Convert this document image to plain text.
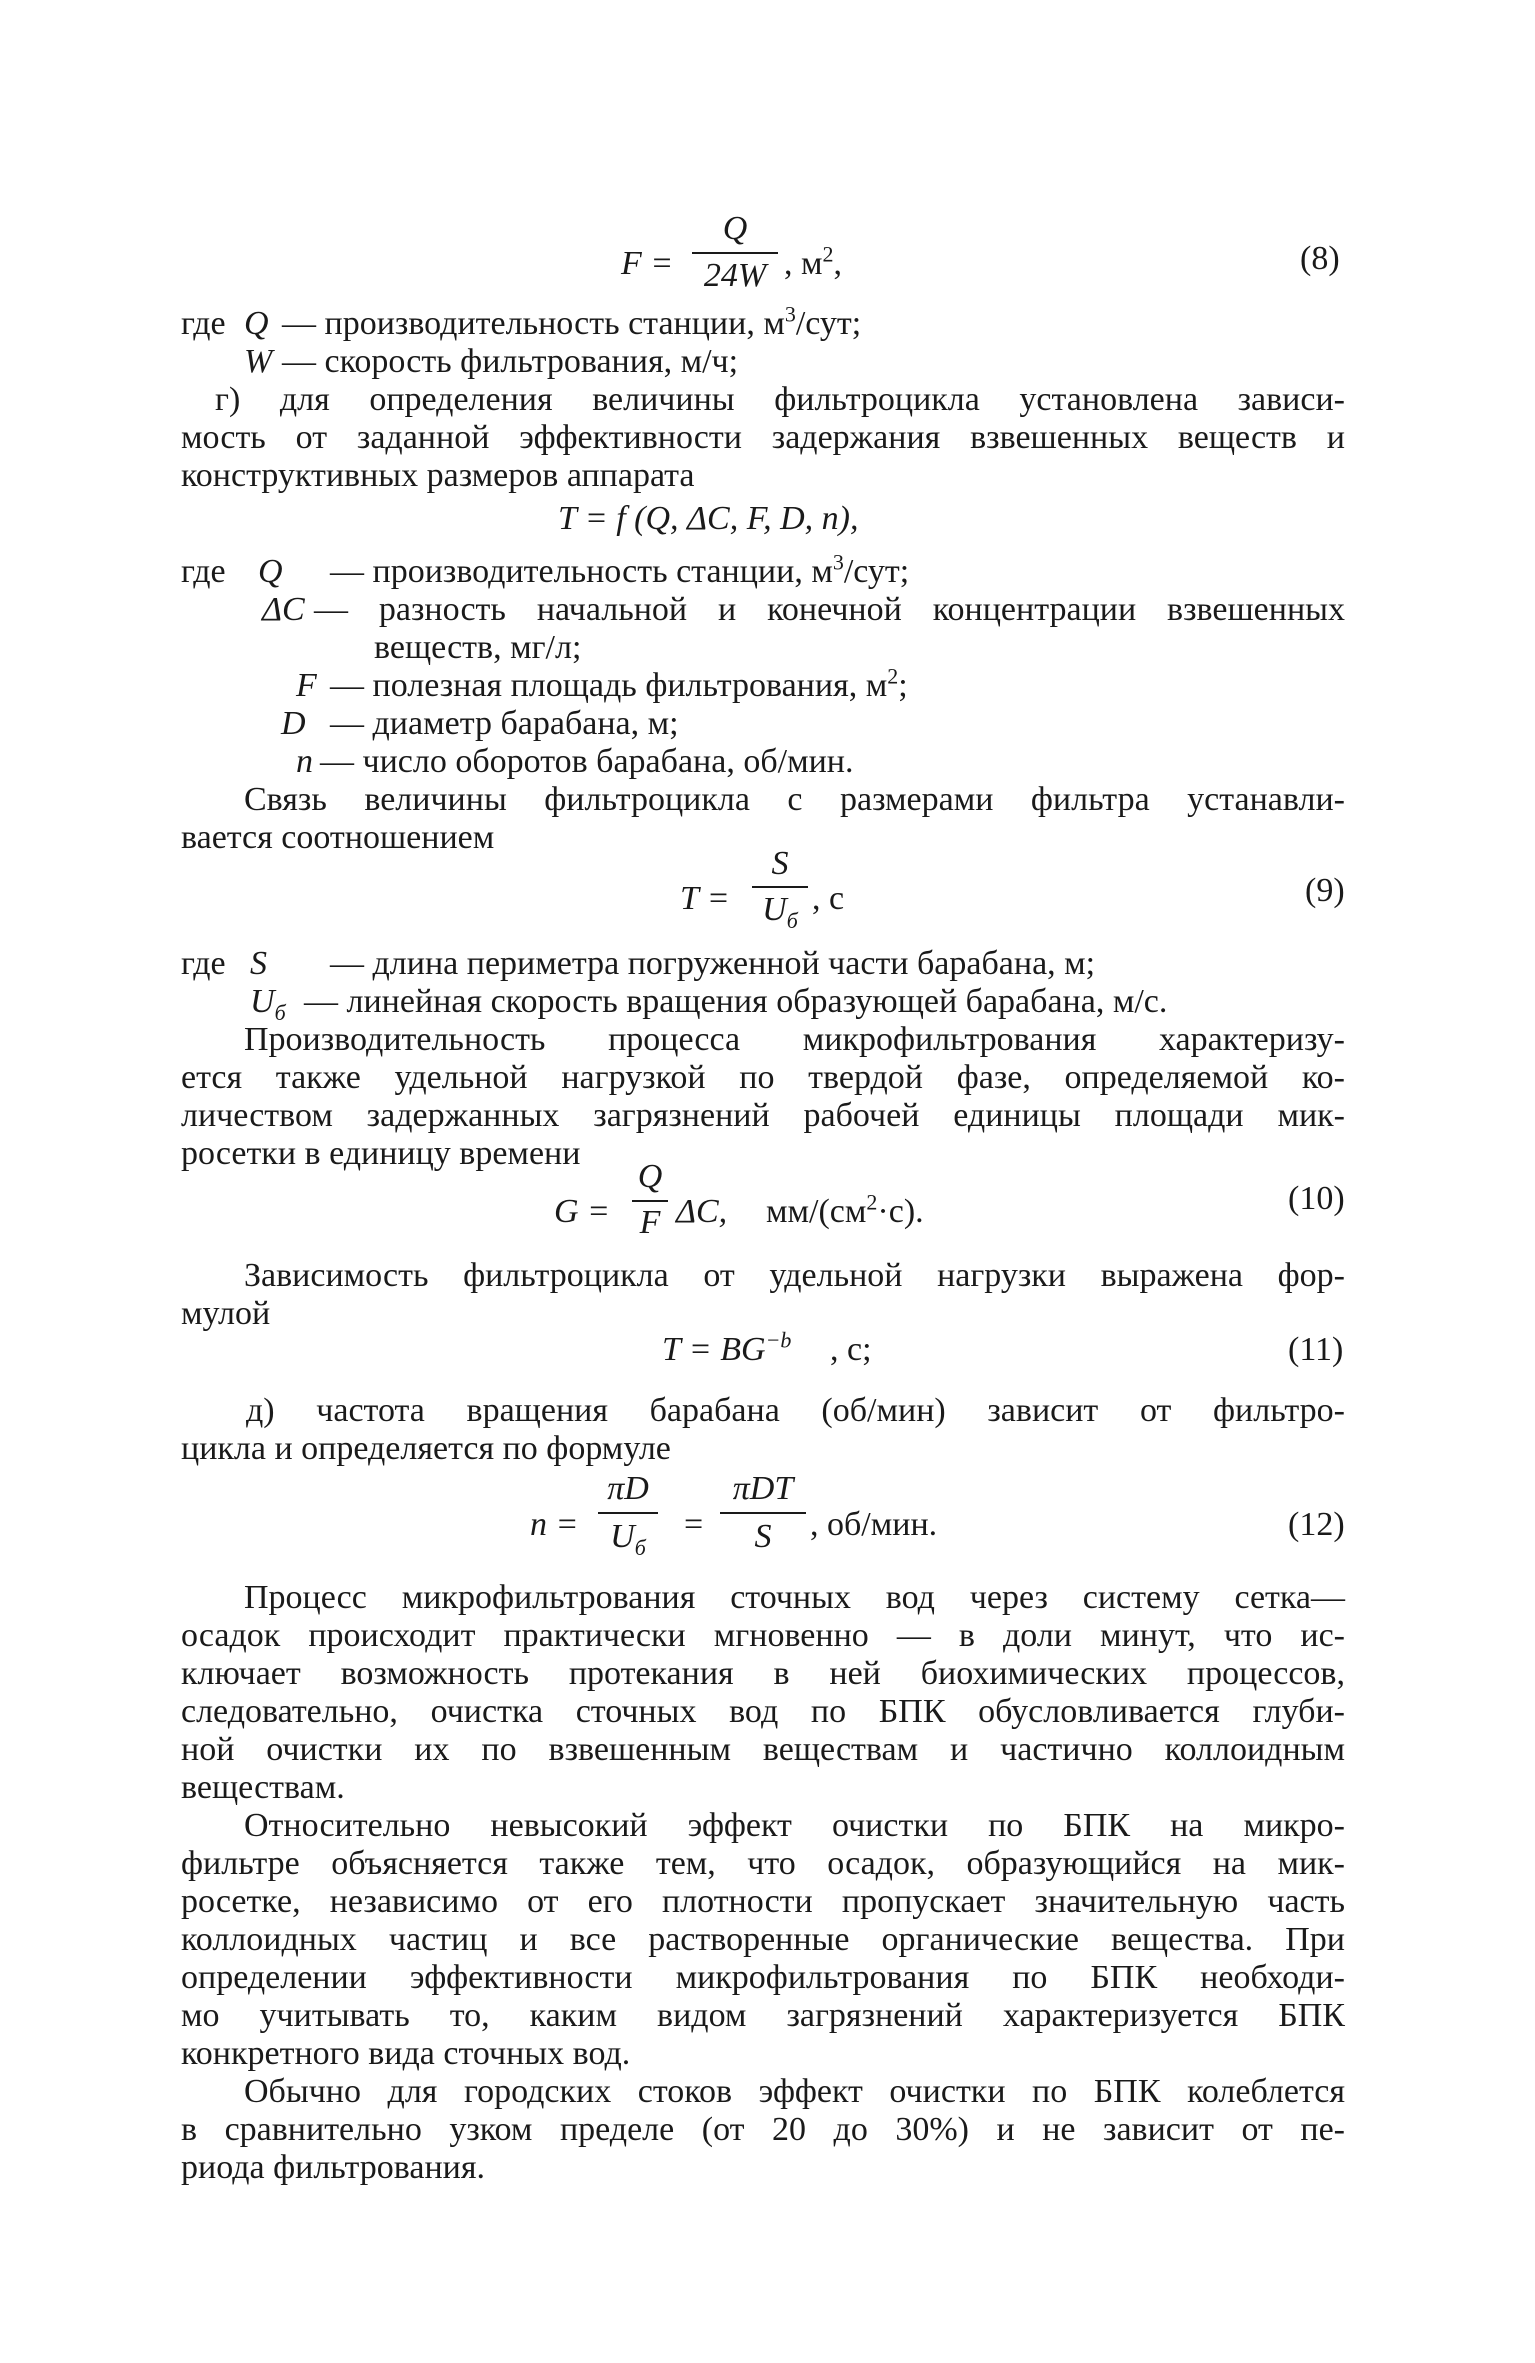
F =
Q
24W , $м^2$,	(8)
где Q — производительность станции, $м^3$/сут;
W — скорость фильтрования, м/ч;
г) для определения величины фильтроцикла установлена зависи-
мость от заданной эффективности задержания взвешенных веществ и
конструктивных размеров аппарата
T = f (Q, ΔC, F, D, n),
где Q — производительность станции, $м^3$/сут;
ΔC — разность начальной и конечной концентрации взвешенных
веществ, мг/л;
F — полезная площадь фильтрования, $м^2$;
D — диаметр барабана, м;
n — число оборотов барабана, об/мин.
Связь величины фильтроцикла с размерами фильтра устанавли-
вается соотношением
T =
S
$U_б$
, с	(9)
где S — длина периметра погруженной части барабана, м;
$U_б$ — линейная скорость вращения образующей барабана, м/с.
Производительность процесса микрофильтрования характеризу-
ется также удельной нагрузкой по твердой фазе, определяемой ко-
личеством задержанных загрязнений рабочей единицы площади мик-
росетки в единицу времени
G =
Q
F ΔC, $мм/(см^2\cdot с)$.	(10)
Зависимость фильтроцикла от удельной нагрузки выражена фор-
мулой
$T = BG^{-b}$ , с;	(11)
д) частота вращения барабана (об/мин) зависит от фильтро-
цикла и определяется по формуле
n =
πD
$U_б$
=
πDT
S	, об/мин.	(12)
Процесс микрофильтрования сточных вод через систему сетка—
осадок происходит практически мгновенно — в доли минут, что ис-
ключает возможность протекания в ней биохимических процессов,
следовательно, очистка сточных вод по БПК обусловливается глуби-
ной очистки их по взвешенным веществам и частично коллоидным
веществам.
Относительно невысокий эффект очистки по БПК на микро-
фильтре объясняется также тем, что осадок, образующийся на мик-
росетке, независимо от его плотности пропускает значительную часть
коллоидных частиц и все растворенные органические вещества. При
определении эффективности микрофильтрования по БПК необходи-
мо учитывать то, каким видом загрязнений характеризуется БПК
конкретного вида сточных вод.
Обычно для городских стоков эффект очистки по БПК колеблется
в сравнительно узком пределе (от 20 до 30%) и не зависит от пе-
риода фильтрования.
